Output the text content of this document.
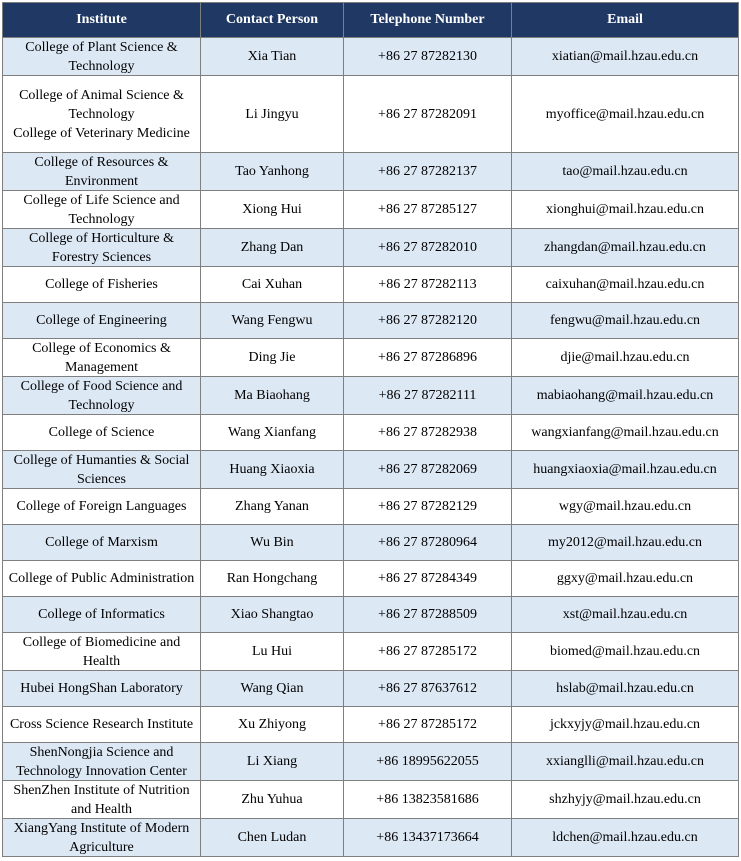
Institute	Contact Person	Telephone Number	Email

College of Plant Science & Technology	Xia Tian	+86 27 87282130	xiatian@mail.hzau.edu.cn

College of Animal Science & Technology
College of Veterinary Medicine	Li Jingyu	+86 27 87282091	myoffice@mail.hzau.edu.cn

College of Resources & Environment	Tao Yanhong	+86 27 87282137	tao@mail.hzau.edu.cn

College of Life Science and Technology	Xiong Hui	+86 27 87285127	xionghui@mail.hzau.edu.cn

College of Horticulture & Forestry Sciences	Zhang Dan	+86 27 87282010	zhangdan@mail.hzau.edu.cn

College of Fisheries	Cai Xuhan	+86 27 87282113	caixuhan@mail.hzau.edu.cn

College of Engineering	Wang Fengwu	+86 27 87282120	fengwu@mail.hzau.edu.cn

College of Economics & Management	Ding Jie	+86 27 87286896	djie@mail.hzau.edu.cn

College of Food Science and Technology	Ma Biaohang	+86 27 87282111	mabiaohang@mail.hzau.edu.cn

College of Science	Wang Xianfang	+86 27 87282938	wangxianfang@mail.hzau.edu.cn

College of Humanties & Social Sciences	Huang Xiaoxia	+86 27 87282069	huangxiaoxia@mail.hzau.edu.cn

College of Foreign Languages	Zhang Yanan	+86 27 87282129	wgy@mail.hzau.edu.cn

College of Marxism	Wu Bin	+86 27 87280964	my2012@mail.hzau.edu.cn

College of Public Administration	Ran Hongchang	+86 27 87284349	ggxy@mail.hzau.edu.cn

College of Informatics	Xiao Shangtao	+86 27 87288509	xst@mail.hzau.edu.cn

College of Biomedicine and Health	Lu Hui	+86 27 87285172	biomed@mail.hzau.edu.cn

Hubei HongShan Laboratory	Wang Qian	+86 27 87637612	hslab@mail.hzau.edu.cn

Cross Science Research Institute	Xu Zhiyong	+86 27 87285172	jckxyjy@mail.hzau.edu.cn

ShenNongjia Science and Technology Innovation Center	Li Xiang	+86 18995622055	xxianglli@mail.hzau.edu.cn

ShenZhen Institute of Nutrition and Health	Zhu Yuhua	+86 13823581686	shzhyjy@mail.hzau.edu.cn

XiangYang Institute of Modern Agriculture	Chen Ludan	+86 13437173664	ldchen@mail.hzau.edu.cn
